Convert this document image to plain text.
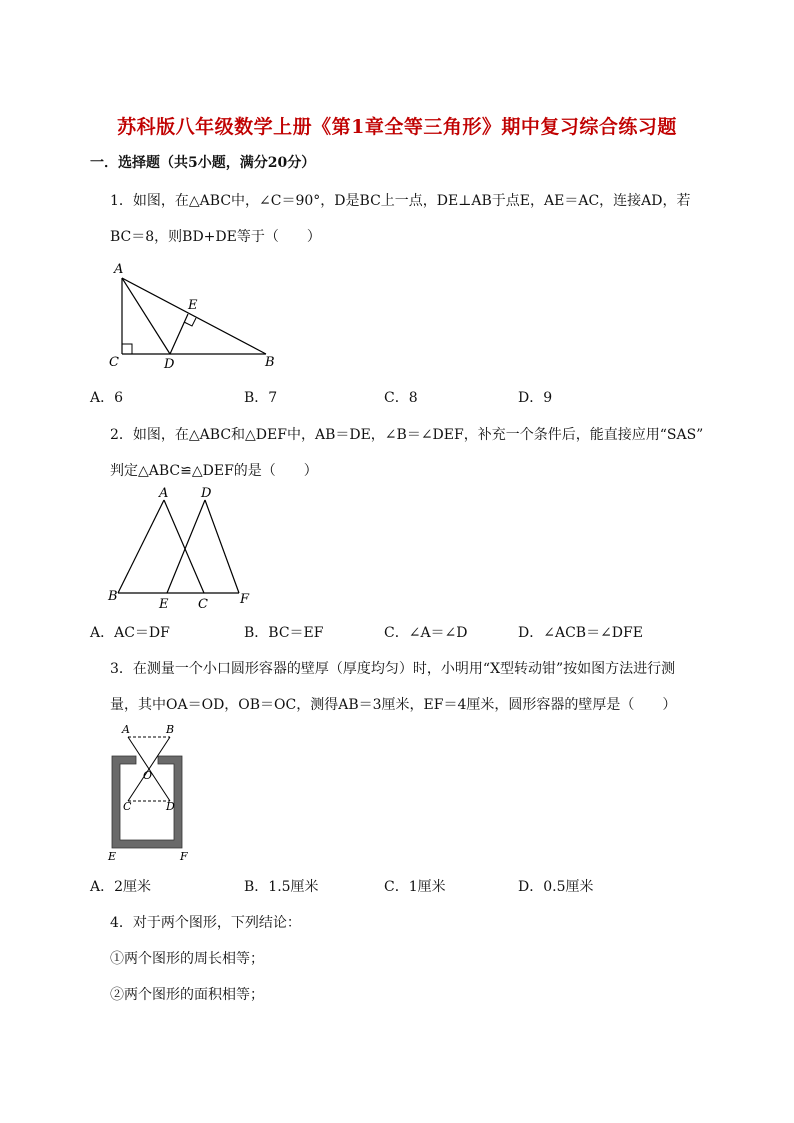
苏科版八年级数学上册《第1章全等三角形》期中复习综合练习题
一．选择题（共5小题，满分20分）
1．如图，在△ABC中，∠C＝90°，D是BC上一点，DE⊥AB于点E，AE＝AC，连接AD，若
BC＝8，则BD+DE等于（　　）
A
C	D	B
E
A．6	B．7	C．8	D．9
2．如图，在△ABC和△DEF中，AB＝DE，∠B＝∠DEF，补充一个条件后，能直接应用“SAS”
判定△ABC≌△DEF的是（　　）
A	D
B
E C F
A．AC＝DF	B．BC＝EF	C．∠A＝∠D	D．∠ACB＝∠DFE
3．在测量一个小口圆形容器的壁厚（厚度均匀）时，小明用“X型转动钳”按如图方法进行测
量，其中OA＝OD，OB＝OC，测得AB＝3厘米，EF＝4厘米，圆形容器的壁厚是（　　）
A	B
O
C	D
E	F
A．2厘米	B．1.5厘米	C．1厘米	D．0.5厘米
4．对于两个图形，下列结论：
①两个图形的周长相等；
②两个图形的面积相等；
